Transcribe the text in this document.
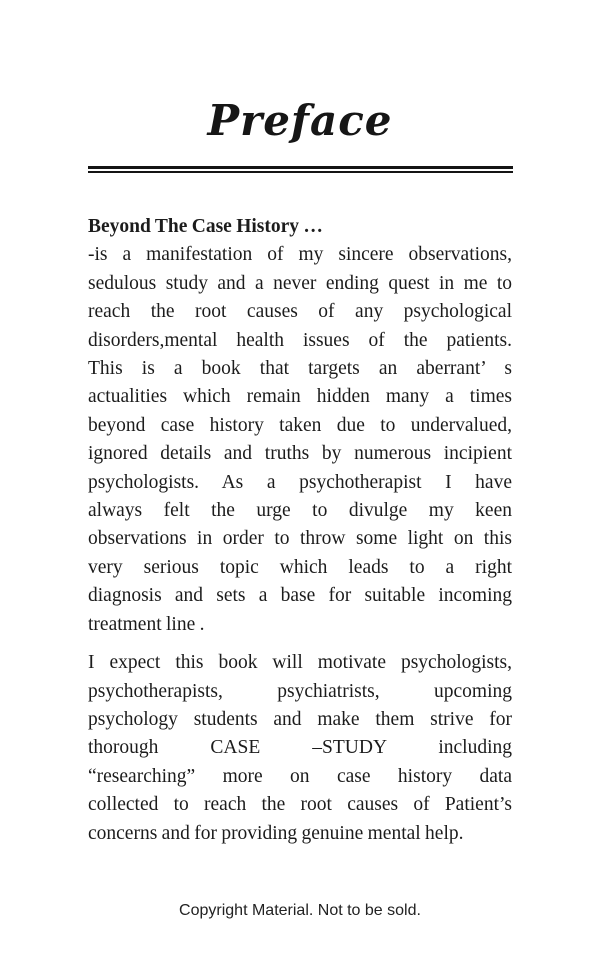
Preface
Beyond The Case History …
-is a manifestation of my sincere observations,
sedulous study and a never ending quest in me to
reach the root causes of any psychological
disorders,mental health issues of the patients.
This is a book that targets an aberrant’ s
actualities which remain hidden many a times
beyond case history taken due to undervalued,
ignored details and truths by numerous incipient
psychologists. As a psychotherapist I have
always felt the urge to divulge my keen
observations in order to throw some light on this
very serious topic which leads to a right
diagnosis and sets a base for suitable incoming
treatment line .
I expect this book will motivate psychologists,
psychotherapists, psychiatrists, upcoming
psychology students and make them strive for
thorough CASE –STUDY including
“researching” more on case history data
collected to reach the root causes of Patient’s
concerns and for providing genuine mental help.
Copyright Material. Not to be sold.
